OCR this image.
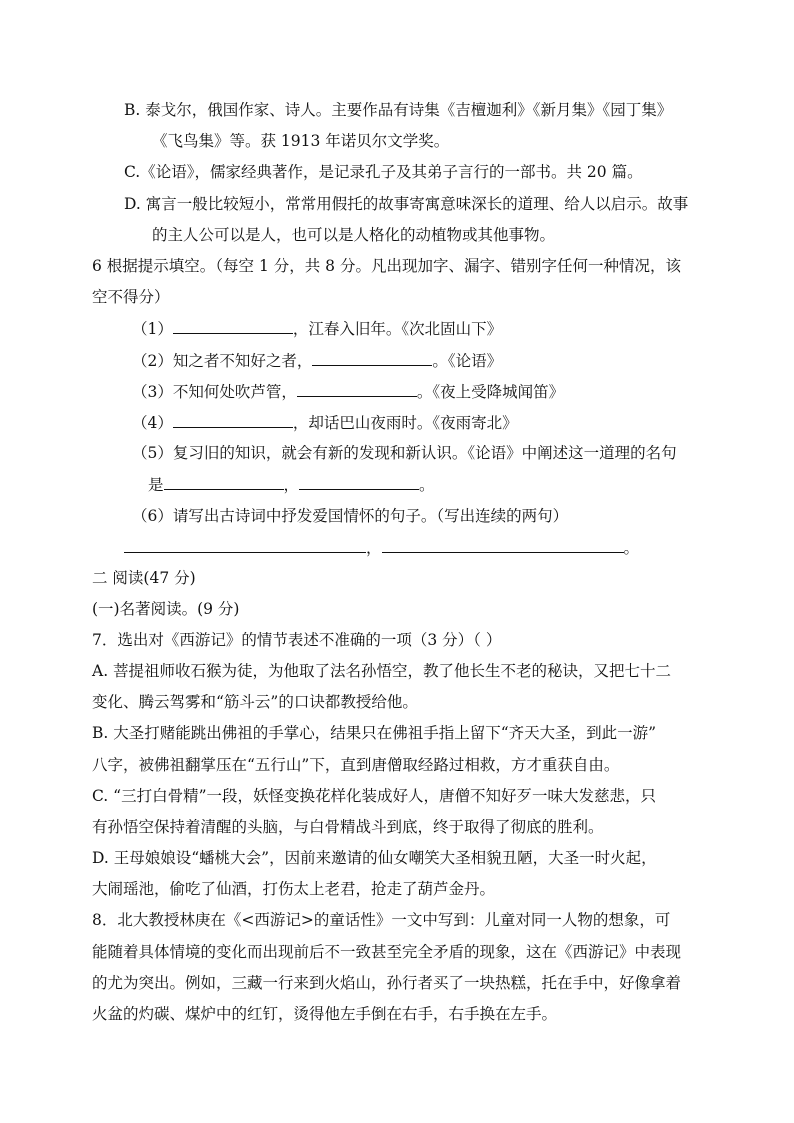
B. 泰戈尔，俄国作家、诗人。主要作品有诗集《吉檀迦利》《新月集》《园丁集》
《飞鸟集》等。获 1913 年诺贝尔文学奖。
C.《论语》，儒家经典著作，是记录孔子及其弟子言行的一部书。共 20 篇。
D. 寓言一般比较短小，常常用假托的故事寄寓意味深长的道理、给人以启示。故事
的主人公可以是人，也可以是人格化的动植物或其他事物。
6 根据提示填空。（每空 1 分，共 8 分。凡出现加字、漏字、错别字任何一种情况，该
空不得分）
（1）	，江春入旧年。《次北固山下》
（2）知之者不知好之者，	。《论语》
（3）不知何处吹芦管，	。《夜上受降城闻笛》
（4）	，却话巴山夜雨时。《夜雨寄北》
（5）复习旧的知识，就会有新的发现和新认识。《论语》中阐述这一道理的名句
是	，	。
（6）请写出古诗词中抒发爱国情怀的句子。（写出连续的两句）
，	。
二 阅读(47 分)
(一)名著阅读。(9 分)
7．选出对《西游记》的情节表述不准确的一项（3 分）（ ）
A. 菩提祖师收石猴为徒，为他取了法名孙悟空，教了他长生不老的秘诀，又把七十二
变化、腾云驾雾和“筋斗云”的口诀都教授给他。
B. 大圣打赌能跳出佛祖的手掌心，结果只在佛祖手指上留下“齐天大圣，到此一游”
八字，被佛祖翻掌压在“五行山”下，直到唐僧取经路过相救，方才重获自由。
C. “三打白骨精”一段，妖怪变换花样化装成好人，唐僧不知好歹一味大发慈悲，只
有孙悟空保持着清醒的头脑，与白骨精战斗到底，终于取得了彻底的胜利。
D. 王母娘娘设“蟠桃大会”，因前来邀请的仙女嘲笑大圣相貌丑陋，大圣一时火起，
大闹瑶池，偷吃了仙酒，打伤太上老君，抢走了葫芦金丹。
8．北大教授林庚在《<西游记>的童话性》一文中写到：儿童对同一人物的想象，可
能随着具体情境的变化而出现前后不一致甚至完全矛盾的现象，这在《西游记》中表现
的尤为突出。例如，三藏一行来到火焰山，孙行者买了一块热糕，托在手中，好像拿着
火盆的灼碳、煤炉中的红钉，烫得他左手倒在右手，右手换在左手。
